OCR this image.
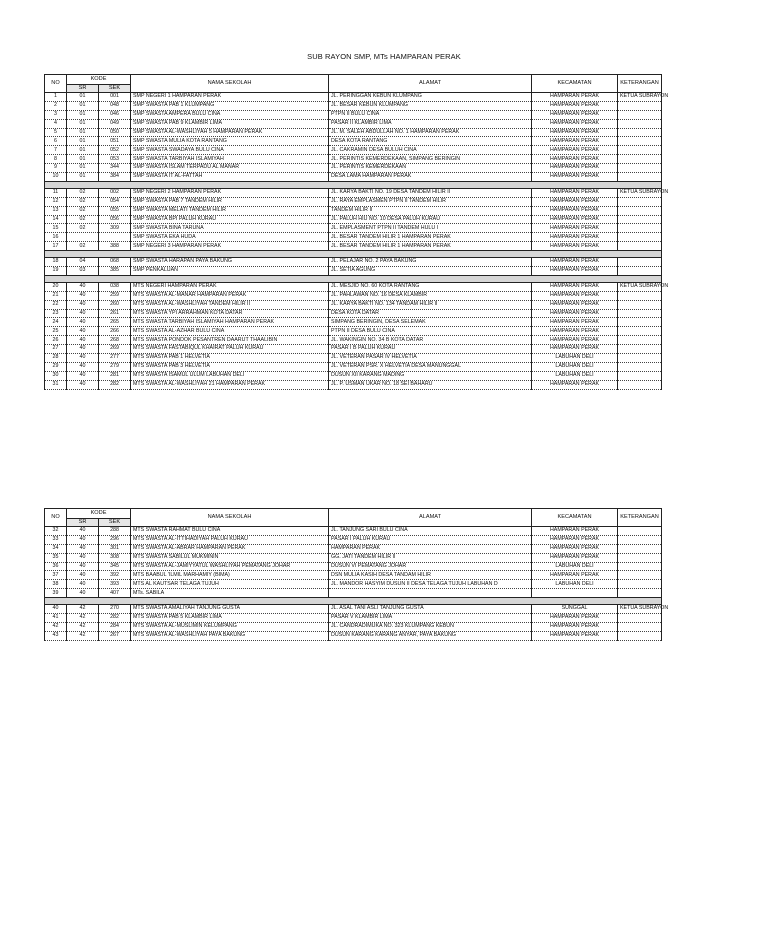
SUB RAYON SMP, MTs HAMPARAN PERAK
NO	KODE		NAMA SEKOLAH	ALAMAT	KECAMATAN	KETERANGAN
	SR	SEK				
1	01	001	SMP NEGERI 1 HAMPARAN PERAK	JL. PERINGGAN KEBUN KLUMPANG	HAMPARAN PERAK	KETUA SUBRAYON
2	01	048	SMP SWASTA PAB 1 KLUMPANG	JL. BESAR KEBUN KLUMPANG	HAMPARAN PERAK	
3	01	046	SMP SWASTA AMPERA BULU CINA	PTPN II BULU CINA	HAMPARAN PERAK	
4	01	049	SMP SWASTA PAB 9 KLAMBIR LIMA	PASAR II KLAMBIR LIMA	HAMPARAN PERAK	
5	01	050	SMP SWASTA AL-WASHLIYAH 5 HAMPARAN PERAK	JL. M. SALEH ABDULLAH NO. 1 HAMPARAN PERAK	HAMPARAN PERAK	
6	01	051	SMP SWASTA MULIA KOTA RANTANG	DESA KOTA RANTANG	HAMPARAN PERAK	
7	01	052	SMP SWASTA SWADAYA BULU CINA	JL. CAKRAMIN DESA BULUH CINA	HAMPARAN PERAK	
8	01	053	SMP SWASTA TARBIYAH ISLAMIYAH	JL. PERINTIS KEMERDEKAAN, SIMPANG BERINGIN	HAMPARAN PERAK	
9	01	344	SMP SWASTA ISLAM TERPADU AL MANAR	JL. PERINTIS KEMERDEKAAN	HAMPARAN PERAK	
10	01	384	SMP SWASTA IT AL-FATTAH	DESA LAMA HAMPARAN PERAK	HAMPARAN PERAK	

11	02	002	SMP NEGERI 2 HAMPARAN PERAK	JL. KARYA BAKTI NO. 19 DESA TANDEM HILIR II	HAMPARAN PERAK	KETUA SUBRAYON
12	02	054	SMP SWASTA PAB 7 TANDEM HILIR	JL. RAYA EMPLASMEN PTPN II TANDEM HILIR	HAMPARAN PERAK	
13	02	055	SMP SWASTA MELATI TANDEM HILIR	TANDEM HILIR II	HAMPARAN PERAK	
14	02	056	SMP SWASTA BPI PALUH KURAU	JL. PALUH HIU NO. 10 DESA PALUH KURAU	HAMPARAN PERAK	
15	02	309	SMP SWASTA BINA TARUNA	JL. EMPLASMENT PTPN II TANDEM HULU I	HAMPARAN PERAK	
16			SMP SWASTA EKA HUDA	JL. BESAR TANDEM HILIR 1 HAMPARAN PERAK	HAMPARAN PERAK	
17	02	388	SMP NEGERI 3 HAMPARAN PERAK	JL. BESAR TANDEM HILIR 1 HAMPARAN PERAK	HAMPARAN PERAK	

18	04	068	SMP SWASTA HARAPAN PAYA BAKUNG	JL. PELAJAR NO. 2 PAYA BAKUNG	HAMPARAN PERAK	
19	03	385	SMP PENKALUAN	JL. SETIA AGUNG	HAMPARAN PERAK	

20	40	038	MTS NEGERI HAMPARAN PERAK	JL. MESJID NO. 60 KOTA RANTANG	HAMPARAN PERAK	KETUA SUBRAYON
21	40	259	MTS SWASTA AL-MANAR HAMPARAN PERAK	JL. PAHLAWAN NO. 16 DESA KLAMBIR	HAMPARAN PERAK	
22	40	260	MTS SWASTA AL-WASHLIYAH TANDEM HILIR II	JL. KARYA BAKTI NO. 134 TANDAM HILIR II	HAMPARAN PERAK	
23	40	261	MTS SWASTA YPI ARRAHMAN KOTA DATAR	DESA KOTA DATAR	HAMPARAN PERAK	
24	40	265	MTS SWASTA TARBIYAH ISLAMIYAH HAMPARAN PERAK	SIMPANG BERINGIN, DESA SELEMAK	HAMPARAN PERAK	
25	40	266	MTS SWASTA AL-AZHAR BULU CINA	PTPN II DESA BULU CINA	HAMPARAN PERAK	
26	40	268	MTS SWASTA PONDOK PESANTREN DAARUT THAALIBIN	JL. WAKINGIN NO. 34 B KOTA DATAR	HAMPARAN PERAK	
27	40	269	MTS SWASTA FASTABIQUL KHAIRAT PALUH KURAU	PASAR I B PALUH KURAU	HAMPARAN PERAK	
28	40	277	MTS SWASTA PAB 1 HELVETIA	JL. VETERAN PASAR IV HELVETIA	LABUHAN DELI	
29	40	279	MTS SWASTA PAB 3 HELVETIA	JL. VETERAN PSR. X HELVETIA DESA MANUNGGAL	LABUHAN DELI	
30	40	281	MTS SWASTA ISAMUL ULUM LABUHAN DELI	DUSUN XII KARANG MADING	LABUHAN DELI	
31	40	282	MTS SWASTA AL-WASHLIYAH 21 HAMPARAN PERAK	JL. P. USMAN UKAR NO. 18 SEI BAHARU	HAMPARAN PERAK	
NO	KODE		NAMA SEKOLAH	ALAMAT	KECAMATAN	KETERANGAN
	SR	SEK				
32	40	288	MTS SWASTA RAHMAT BULU CINA	JL. TANJUNG SARI BULU CINA	HAMPARAN PERAK	
33	40	296	MTS SWASTA AL-ITTIHADIYAH PALUH KURAU	PASAR I PALUH KURAU	HAMPARAN PERAK	
34	40	301	MTS SWASTA AL-ABRAR HAMPARAN PERAK	HAMPARAN PERAK	HAMPARAN PERAK	
35	40	308	MTS SWASTA SABILUL MUKMININ	GG. JATI TANDEM HILIR II	HAMPARAN PERAK	
36	40	345	MTS SWASTA AL-JAMIYYATUL WASHLIYAH PEMATANG JOHAR	DUSUN VI PEMATANG JOHAR	LABUHAN DELI	
37	40	392	MTS BAABUL 'ILMIL MARHAMIY (BIMA)	DSN MULIA KASIH DESA TANDAM HILIR	HAMPARAN PERAK	
38	40	393	MTS AL KAUTSAR TELAGA TUJUH	JL. MANDOR HASYIM DUSUN II DESA TELAGA TUJUH LABUHAN D	LABUHAN DELI	
39	40	407	MTs. SABILA			

40	42	270	MTS SWASTA AMALIYAH TANJUNG GUSTA	JL. ASAL TANI ASLI TANJUNG GUSTA	SUNGGAL	KETUA SUBRAYON
41	42	282	MTS SWASTA PAB 5 KLAMBIR LIMA	PASAR V KLAMBIR LIMA	HAMPARAN PERAK	
42	42	284	MTS SWASTA AL-MUSLIMIN KELUMPANG	JL. CANDRADIMUKA NO. 323 KLUMPANG KEBUN	HAMPARAN PERAK	
43	42	267	MTS SWASTA AL-WASHLIYAH PAYA BAKUNG	DUSUN KARANG KARANG ANYAR, PAYA BAKUNG	HAMPARAN PERAK	
